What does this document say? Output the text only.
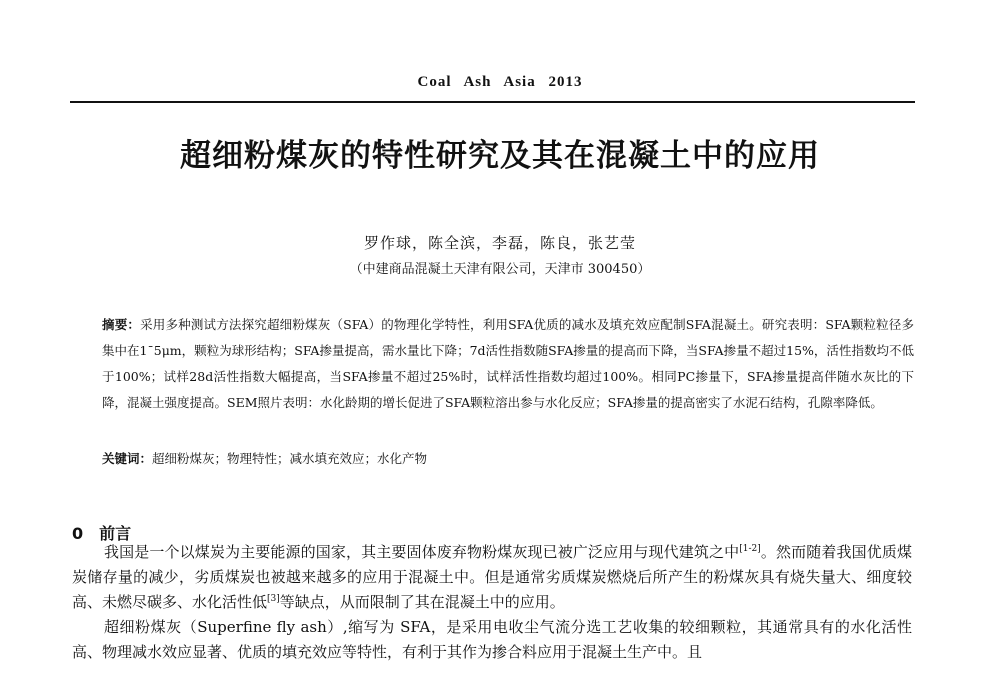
Coal Ash Asia 2013
超细粉煤灰的特性研究及其在混凝土中的应用
罗作球，陈全滨，李磊，陈良，张艺莹
（中建商品混凝土天津有限公司，天津市 300450）
摘要：采用多种测试方法探究超细粉煤灰（SFA）的物理化学特性，利用SFA优质的减水及填充效应配制SFA混凝土。研究表明：SFA颗粒粒径多集中在1¯5μm，颗粒为球形结构；SFA掺量提高，需水量比下降；7d活性指数随SFA掺量的提高而下降，当SFA掺量不超过15%，活性指数均不低于100%；试样28d活性指数大幅提高，当SFA掺量不超过25%时，试样活性指数均超过100%。相同PC掺量下，SFA掺量提高伴随水灰比的下降，混凝土强度提高。SEM照片表明：水化龄期的增长促进了SFA颗粒溶出参与水化反应；SFA掺量的提高密实了水泥石结构，孔隙率降低。
关键词：超细粉煤灰；物理特性；减水填充效应；水化产物
0 前言

我国是一个以煤炭为主要能源的国家，其主要固体废弃物粉煤灰现已被广泛应用与现代建筑之中[1-2]。然而随着我国优质煤炭储存量的减少，劣质煤炭也被越来越多的应用于混凝土中。但是通常劣质煤炭燃烧后所产生的粉煤灰具有烧失量大、细度较高、未燃尽碳多、水化活性低[3]等缺点，从而限制了其在混凝土中的应用。

超细粉煤灰（Superfine fly ash）,缩写为 SFA，是采用电收尘气流分选工艺收集的较细颗粒，其通常具有的水化活性高、物理减水效应显著、优质的填充效应等特性，有利于其作为掺合料应用于混凝土生产中。且
